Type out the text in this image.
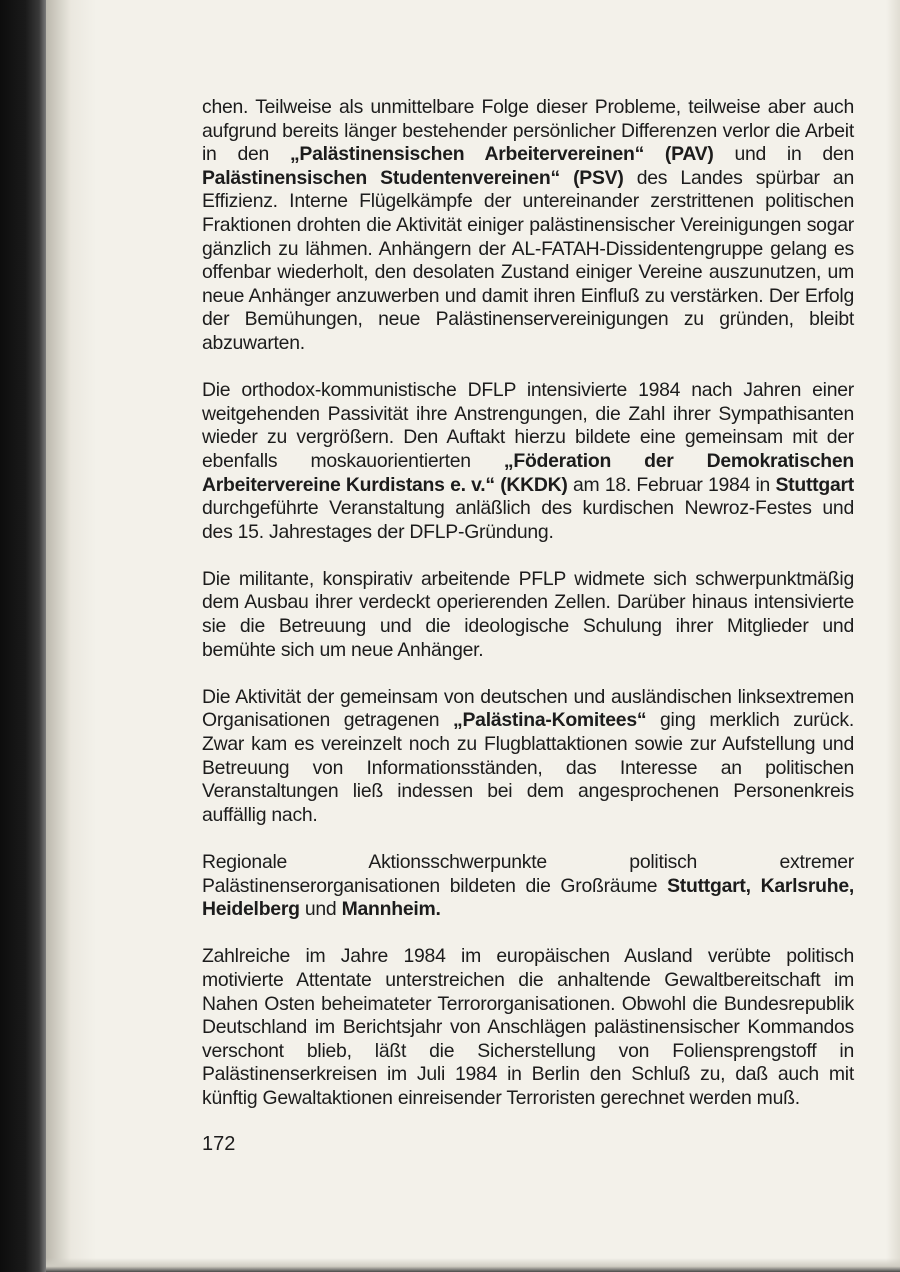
chen. Teilweise als unmittelbare Folge dieser Probleme, teilweise aber auch aufgrund bereits länger bestehender persönlicher Differenzen verlor die Arbeit in den „Palästinensischen Arbeitervereinen“ (PAV) und in den Palästinensischen Studentenvereinen“ (PSV) des Landes spürbar an Effizienz. Interne Flügelkämpfe der untereinander zerstrittenen politischen Fraktionen drohten die Aktivität einiger palästinensischer Vereinigungen sogar gänzlich zu lähmen. Anhängern der AL-FATAH-Dissidentengruppe gelang es offenbar wiederholt, den desolaten Zustand einiger Vereine auszunutzen, um neue Anhänger anzuwerben und damit ihren Einfluß zu verstärken. Der Erfolg der Bemühungen, neue Palästinenservereinigungen zu gründen, bleibt abzuwarten.

Die orthodox-kommunistische DFLP intensivierte 1984 nach Jahren einer weitgehenden Passivität ihre Anstrengungen, die Zahl ihrer Sympathisanten wieder zu vergrößern. Den Auftakt hierzu bildete eine gemeinsam mit der ebenfalls moskauorientierten „Föderation der Demokratischen Arbeitervereine Kurdistans e. v.“ (KKDK) am 18. Februar 1984 in Stuttgart durchgeführte Veranstaltung anläßlich des kurdischen Newroz-Festes und des 15. Jahrestages der DFLP-Gründung.

Die militante, konspirativ arbeitende PFLP widmete sich schwerpunktmäßig dem Ausbau ihrer verdeckt operierenden Zellen. Darüber hinaus intensivierte sie die Betreuung und die ideologische Schulung ihrer Mitglieder und bemühte sich um neue Anhänger.

Die Aktivität der gemeinsam von deutschen und ausländischen linksextremen Organisationen getragenen „Palästina-Komitees“ ging merklich zurück. Zwar kam es vereinzelt noch zu Flugblattaktionen sowie zur Aufstellung und Betreuung von Informationsständen, das Interesse an politischen Veranstaltungen ließ indessen bei dem angesprochenen Personenkreis auffällig nach.

Regionale Aktionsschwerpunkte politisch extremer Palästinenserorganisationen bildeten die Großräume Stuttgart, Karlsruhe, Heidelberg und Mannheim.

Zahlreiche im Jahre 1984 im europäischen Ausland verübte politisch motivierte Attentate unterstreichen die anhaltende Gewaltbereitschaft im Nahen Osten beheimateter Terrororganisationen. Obwohl die Bundesrepublik Deutschland im Berichtsjahr von Anschlägen palästinensischer Kommandos verschont blieb, läßt die Sicherstellung von Foliensprengstoff in Palästinenserkreisen im Juli 1984 in Berlin den Schluß zu, daß auch mit künftig Gewaltaktionen einreisender Terroristen gerechnet werden muß.

172
